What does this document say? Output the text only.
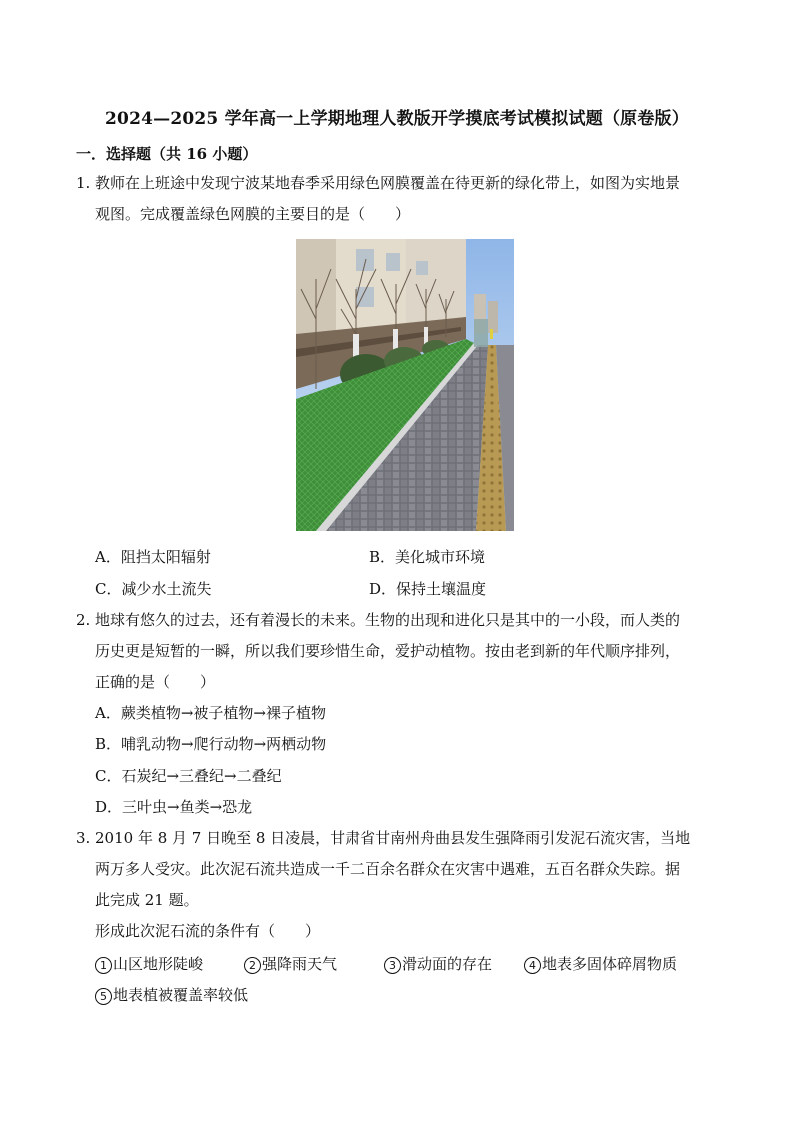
2024—2025 学年高一上学期地理人教版开学摸底考试模拟试题（原卷版）
一．选择题（共 16 小题）
1. 教师在上班途中发现宁波某地春季采用绿色网膜覆盖在待更新的绿化带上，如图为实地景
观图。完成覆盖绿色网膜的主要目的是（　　）
A．阻挡太阳辐射	B．美化城市环境
C．减少水土流失	D．保持土壤温度
2. 地球有悠久的过去，还有着漫长的未来。生物的出现和进化只是其中的一小段，而人类的
历史更是短暂的一瞬，所以我们要珍惜生命，爱护动植物。按由老到新的年代顺序排列，
正确的是（　　）
A．蕨类植物→被子植物→裸子植物
B．哺乳动物→爬行动物→两栖动物
C．石炭纪→三叠纪→二叠纪
D．三叶虫→鱼类→恐龙
3. 2010 年 8 月 7 日晚至 8 日凌晨，甘肃省甘南州舟曲县发生强降雨引发泥石流灾害，当地
两万多人受灾。此次泥石流共造成一千二百余名群众在灾害中遇难，五百名群众失踪。据
此完成 21 题。
形成此次泥石流的条件有（　　）
1 山区地形陡峻	2 强降雨天气	3 滑动面的存在	4 地表多固体碎屑物质
5 地表植被覆盖率较低
